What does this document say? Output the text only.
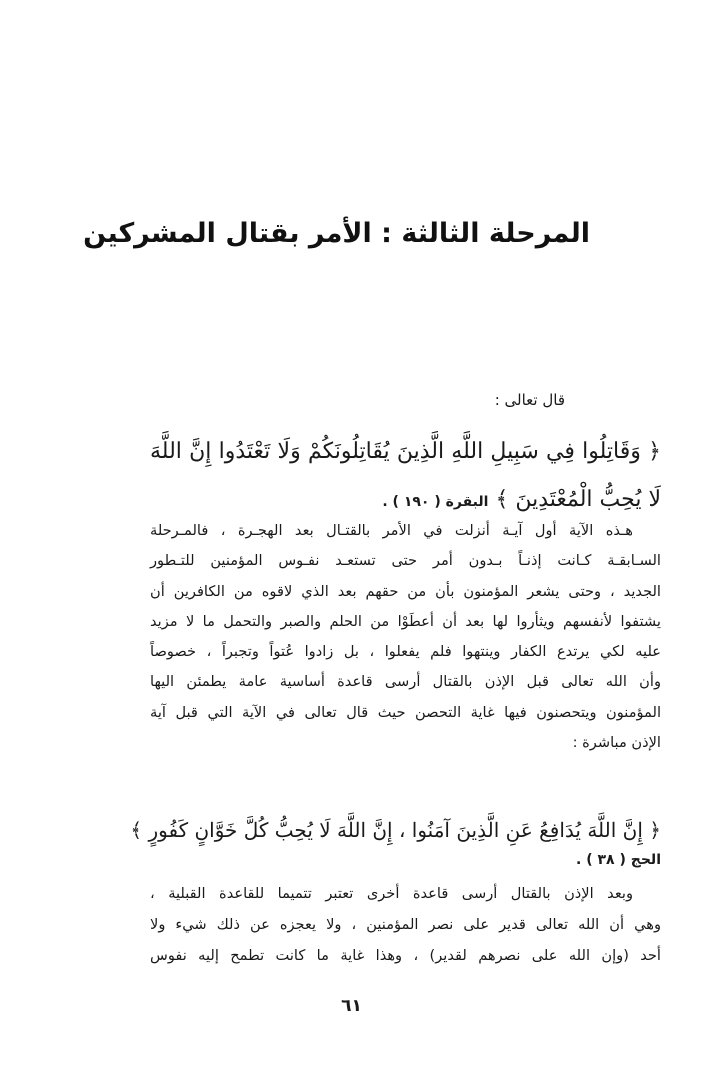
المرحلة الثالثة : الأمر بقتال المشركين
قال تعالى :
﴿ وَقَاتِلُوا فِي سَبِيلِ اللَّهِ الَّذِينَ يُقَاتِلُونَكُمْ وَلَا تَعْتَدُوا إِنَّ اللَّهَ لَا يُحِبُّ الْمُعْتَدِينَ ﴾ البقرة ( ١٩٠ ) .
هـذه الآية أول آيـة أنزلت في الأمر بالقتـال بعد الهجـرة ، فالمـرحلة
السـابقـة كـانت إذنـاً بـدون أمر حتى تستعـد نفـوس المؤمنين للتـطور
الجديد ، وحتى يشعر المؤمنون بأن من حقهم بعد الذي لاقوه من الكافرين أن
يشتفوا لأنفسهم ويثأروا لها بعد أن أعطَوْا من الحلم والصبر والتحمل ما لا مزيد
عليه لكي يرتدع الكفار وينتهوا فلم يفعلوا ، بل زادوا عُتواً وتجبراً ، خصوصاً
وأن الله تعالى قبل الإذن بالقتال أرسى قاعدة أساسية عامة يطمئن اليها
المؤمنون ويتحصنون فيها غاية التحصن حيث قال تعالى في الآية التي قبل آية
الإذن مباشرة :
﴿ إِنَّ اللَّهَ يُدَافِعُ عَنِ الَّذِينَ آمَنُوا ، إِنَّ اللَّهَ لَا يُحِبُّ كُلَّ خَوَّانٍ كَفُورٍ ﴾
الحج ( ٣٨ ) .
وبعد الإذن بالقتال أرسى قاعدة أخرى تعتبر تتميما للقاعدة القبلية ،
وهي أن الله تعالى قدير على نصر المؤمنين ، ولا يعجزه عن ذلك شيء ولا
أحد (وإن الله على نصرهم لقدير) ، وهذا غاية ما كانت تطمح إليه نفوس
٦١
